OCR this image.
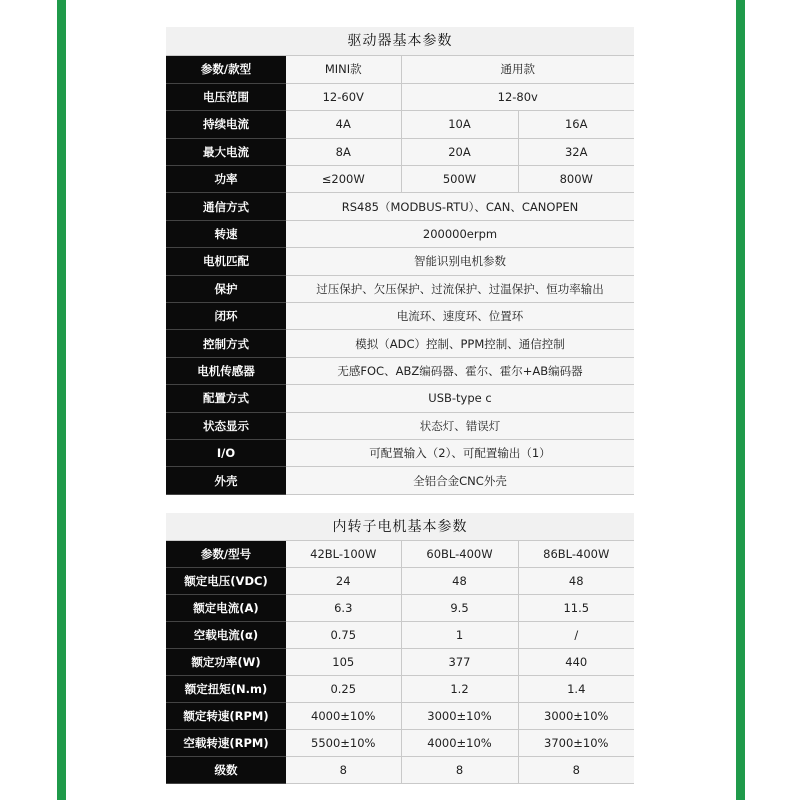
驱动器基本参数
参数/款型	MINI款	通用款	
电压范围	12-60V	12-80v	
持续电流	4A	10A	16A
最大电流	8A	20A	32A
功率	≤200W	500W	800W
通信方式	RS485（MODBUS-RTU）、CAN、CANOPEN		
转速	200000erpm		
电机匹配	智能识别电机参数		
保护	过压保护、欠压保护、过流保护、过温保护、恒功率输出		
闭环	电流环、速度环、位置环		
控制方式	模拟（ADC）控制、PPM控制、通信控制		
电机传感器	无感FOC、ABZ编码器、霍尔、霍尔+AB编码器		
配置方式	USB-type c		
状态显示	状态灯、错误灯		
I/O	可配置输入（2）、可配置输出（1）		
外壳	全铝合金CNC外壳		
内转子电机基本参数
参数/型号	42BL-100W	60BL-400W	86BL-400W
额定电压(VDC)	24	48	48
额定电流(A)	6.3	9.5	11.5
空载电流(α)	0.75	1	/
额定功率(W)	105	377	440
额定扭矩(N.m)	0.25	1.2	1.4
额定转速(RPM)	4000±10%	3000±10%	3000±10%
空载转速(RPM)	5500±10%	4000±10%	3700±10%
级数	8	8	8
